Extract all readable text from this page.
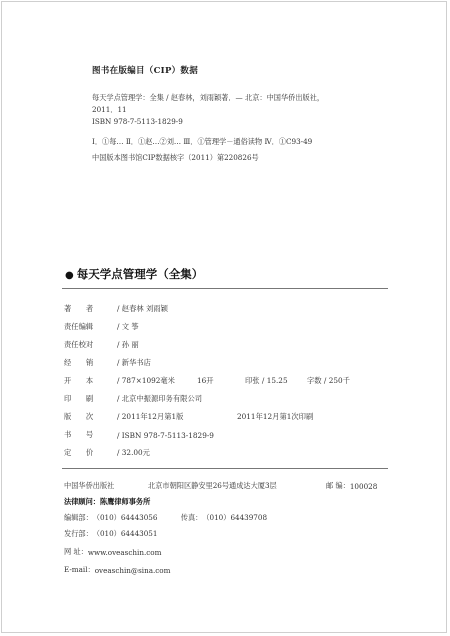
图书在版编目（CIP）数据
每天学点管理学：全集 / 赵春林，刘雨颖著．— 北京：中国华侨出版社，
2011．11
ISBN 978-7-5113-1829-9
Ⅰ．①每… Ⅱ．①赵…②刘… Ⅲ．①管理学－通俗读物 Ⅳ．①C93-49
中国版本图书馆CIP数据核字（2011）第220826号
● 每天学点管理学（全集）
著　　 者	/ 赵春林 刘雨颖
责任编辑	/ 文 筝
责任校对	/ 孙 丽
经　　 销	/ 新华书店
开　　 本	/ 787×1092毫米	16开	印张 / 15.25	字数 / 250千
印　　 刷	/ 北京中振源印务有限公司
版　　 次	/ 2011年12月第1版	2011年12月第1次印刷
书　　 号	/ ISBN 978-7-5113-1829-9
定　　 价	/ 32.00元
中国华侨出版社	北京市朝阳区静安里26号通成达大厦3层	邮 编： 100028
法律顾问：陈鹰律师事务所
编辑部： （010）64443056	传真： （010）64439708
发行部： （010）64443051
网 址： www.oveaschin.com
E-mail： oveaschin@sina.com
